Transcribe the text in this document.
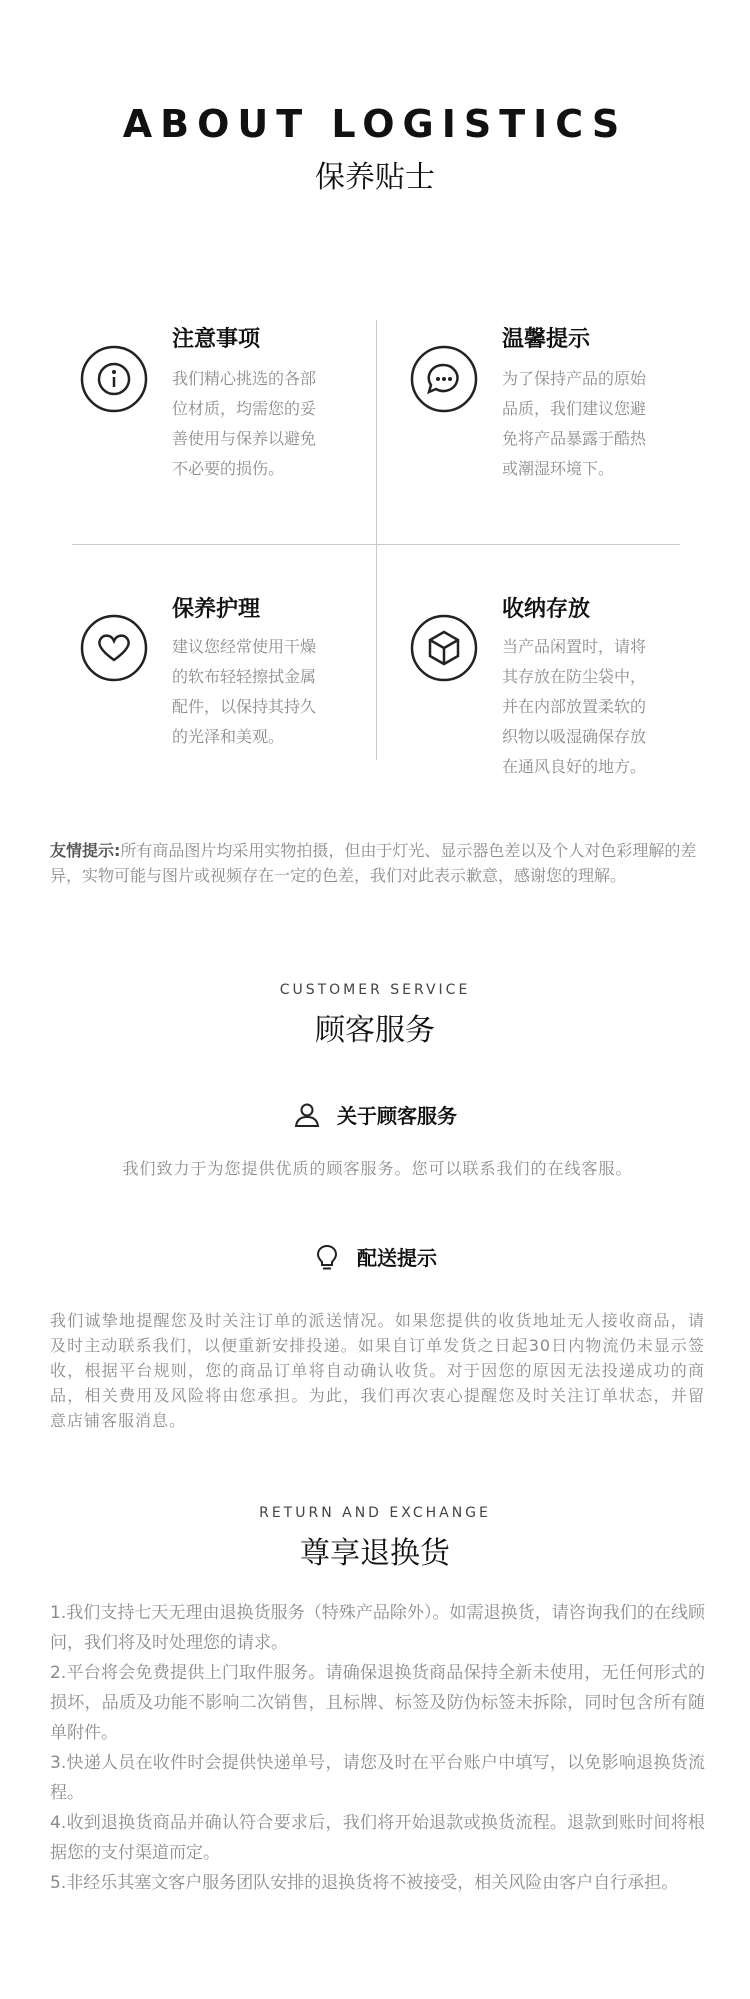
ABOUT LOGISTICS
保养贴士
注意事项
我们精心挑选的各部位材质，均需您的妥善使用与保养以避免不必要的损伤。
温馨提示
为了保持产品的原始品质，我们建议您避免将产品暴露于酷热或潮湿环境下。
保养护理
建议您经常使用干燥的软布轻轻擦拭金属配件，以保持其持久的光泽和美观。
收纳存放
当产品闲置时，请将其存放在防尘袋中，并在内部放置柔软的织物以吸湿确保存放在通风良好的地方。
友情提示:所有商品图片均采用实物拍摄，但由于灯光、显示器色差以及个人对色彩理解的差异，实物可能与图片或视频存在一定的色差，我们对此表示歉意，感谢您的理解。
CUSTOMER SERVICE
顾客服务
关于顾客服务
我们致力于为您提供优质的顾客服务。您可以联系我们的在线客服。
配送提示
我们诚挚地提醒您及时关注订单的派送情况。如果您提供的收货地址无人接收商品，请及时主动联系我们，以便重新安排投递。如果自订单发货之日起30日内物流仍未显示签收，根据平台规则，您的商品订单将自动确认收货。对于因您的原因无法投递成功的商品，相关费用及风险将由您承担。为此，我们再次衷心提醒您及时关注订单状态，并留意店铺客服消息。
RETURN AND EXCHANGE
尊享退换货
1.我们支持七天无理由退换货服务（特殊产品除外）。如需退换货，请咨询我们的在线顾问，我们将及时处理您的请求。
2.平台将会免费提供上门取件服务。请确保退换货商品保持全新未使用，无任何形式的损坏，品质及功能不影响二次销售，且标牌、标签及防伪标签未拆除，同时包含所有随单附件。
3.快递人员在收件时会提供快递单号，请您及时在平台账户中填写，以免影响退换货流程。
4.收到退换货商品并确认符合要求后，我们将开始退款或换货流程。退款到账时间将根据您的支付渠道而定。
5.非经乐其塞文客户服务团队安排的退换货将不被接受，相关风险由客户自行承担。
